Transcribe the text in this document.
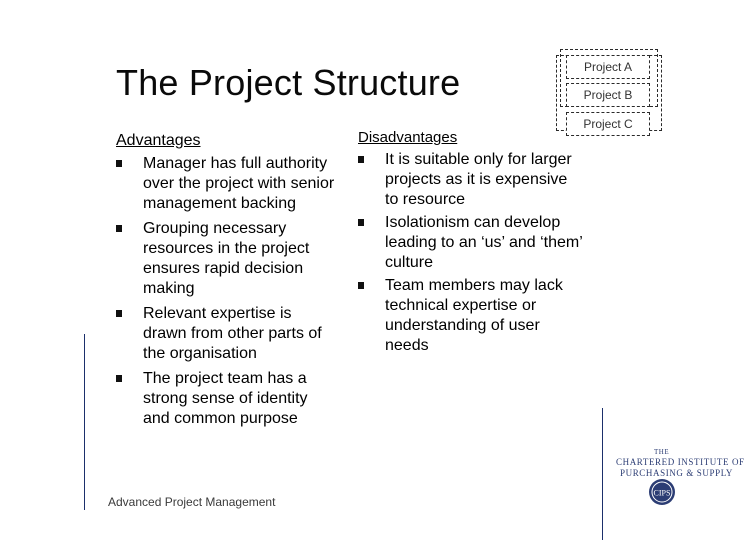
The Project Structure	Project A
Project B
Project C
Advantages
Manager has full authority over the project with senior management backing
Grouping necessary resources in the project ensures rapid decision making
Relevant expertise is drawn from other parts of the organisation
The project team has a strong sense of identity and common purpose
Disadvantages
It is suitable only for larger projects as it is expensive to resource
Isolationism can develop leading to an ‘us’ and ‘them’ culture
Team members may lack technical expertise or understanding of user needs
Advanced Project Management
THE
CHARTERED INSTITUTE OF
PURCHASING & SUPPLY
CIPS
